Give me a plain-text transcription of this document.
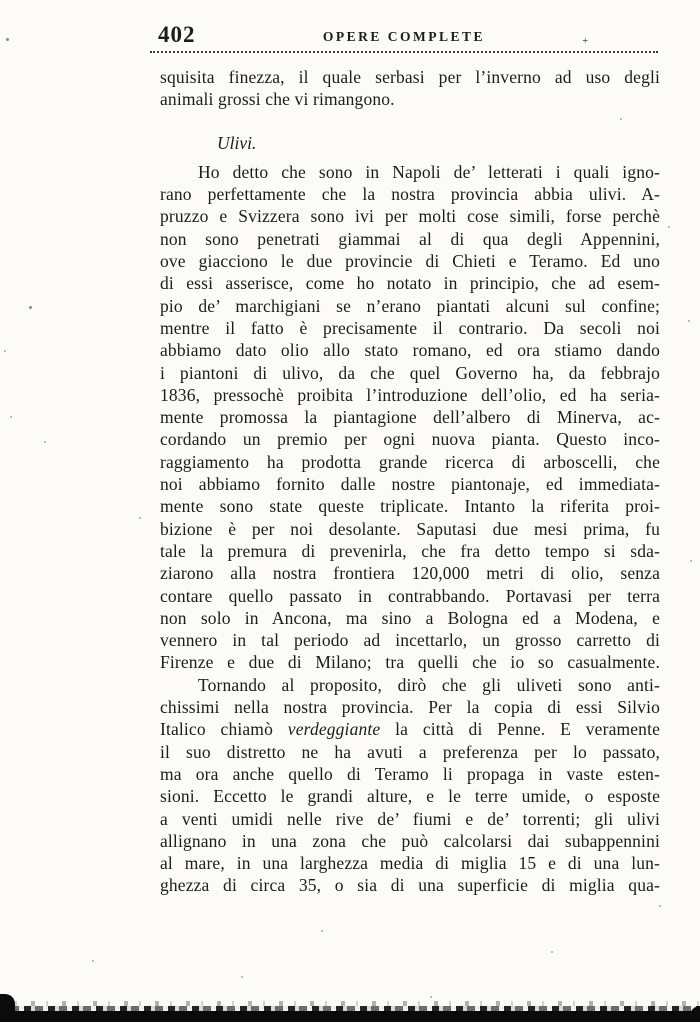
402	OPERE COMPLETE	+
squisita finezza, il quale serbasi per l’inverno ad uso degli
animali grossi che vi rimangono.
Ulivi.
Ho detto che sono in Napoli de’ letterati i quali igno-
rano perfettamente che la nostra provincia abbia ulivi. A-
pruzzo e Svizzera sono ivi per molti cose simili, forse perchè
non sono penetrati giammai al di qua degli Appennini,
ove giacciono le due provincie di Chieti e Teramo. Ed uno
di essi asserisce, come ho notato in principio, che ad esem-
pio de’ marchigiani se n’erano piantati alcuni sul confine;
mentre il fatto è precisamente il contrario. Da secoli noi
abbiamo dato olio allo stato romano, ed ora stiamo dando
i piantoni di ulivo, da che quel Governo ha, da febbrajo
1836, pressochè proibita l’introduzione dell’olio, ed ha seria-
mente promossa la piantagione dell’albero di Minerva, ac-
cordando un premio per ogni nuova pianta. Questo inco-
raggiamento ha prodotta grande ricerca di arboscelli, che
noi abbiamo fornito dalle nostre piantonaje, ed immediata-
mente sono state queste triplicate. Intanto la riferita proi-
bizione è per noi desolante. Saputasi due mesi prima, fu
tale la premura di prevenirla, che fra detto tempo si sda-
ziarono alla nostra frontiera 120,000 metri di olio, senza
contare quello passato in contrabbando. Portavasi per terra
non solo in Ancona, ma sino a Bologna ed a Modena, e
vennero in tal periodo ad incettarlo, un grosso carretto di
Firenze e due di Milano; tra quelli che io so casualmente.
Tornando al proposito, dirò che gli uliveti sono anti-
chissimi nella nostra provincia. Per la copia di essi Silvio
Italico chiamò verdeggiante la città di Penne. E veramente
il suo distretto ne ha avuti a preferenza per lo passato,
ma ora anche quello di Teramo li propaga in vaste esten-
sioni. Eccetto le grandi alture, e le terre umide, o esposte
a venti umidi nelle rive de’ fiumi e de’ torrenti; gli ulivi
allignano in una zona che può calcolarsi dai subappennini
al mare, in una larghezza media di miglia 15 e di una lun-
ghezza di circa 35, o sia di una superficie di miglia qua-
